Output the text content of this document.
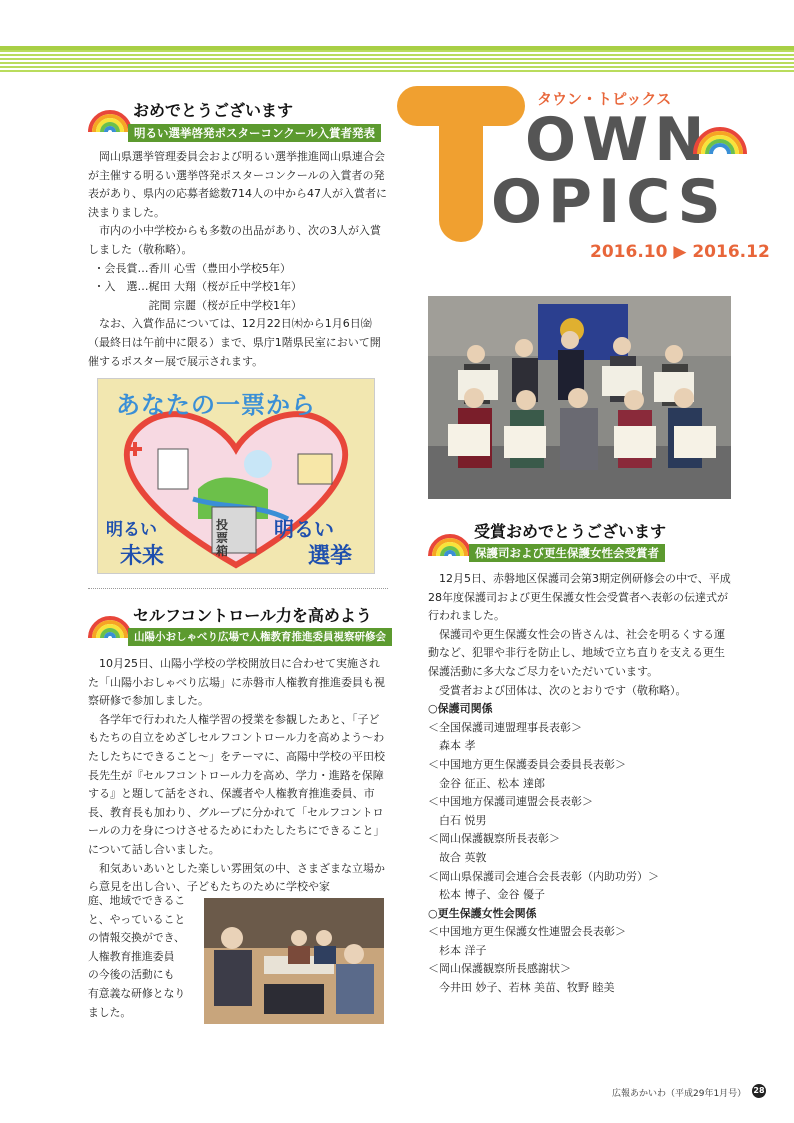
タウン・トピックス
OWN
OPICS
2016.10 ▶ 2016.12
おめでとうございます
明るい選挙啓発ポスターコンクール入賞者発表

岡山県選挙管理委員会および明るい選挙推進岡山県連合会が主催する明るい選挙啓発ポスターコンクールの入賞者の発表があり、県内の応募者総数714人の中から47人が入賞者に決まりました。

市内の小中学校からも多数の出品があり、次の3人が入賞しました（敬称略）。

・会長賞…香川 心雪（豊田小学校5年）

・入　選…梶田 大翔（桜が丘中学校1年）

　　　　　詫間 宗麗（桜が丘中学校1年）

なお、入賞作品については、12月22日㈭から1月6日㈮（最終日は午前中に限る）まで、県庁1階県民室において開催するポスター展で展示されます。

あなたの一票から
明るい
未来
投票箱
明るい
選挙
セルフコントロール力を高めよう
山陽小おしゃべり広場で人権教育推進委員視察研修会

10月25日、山陽小学校の学校開放日に合わせて実施された「山陽小おしゃべり広場」に赤磐市人権教育推進委員も視察研修で参加しました。

各学年で行われた人権学習の授業を参観したあと、「子どもたちの自立をめざしセルフコントロール力を高めよう〜わたしたちにできること〜」をテーマに、高陽中学校の平田校長先生が『セルフコントロール力を高め、学力・進路を保障する』と題して話をされ、保護者や人権教育推進委員、市長、教育長も加わり、グループに分かれて「セルフコントロールの力を身につけさせるためにわたしたちにできること」について話し合いました。

和気あいあいとした楽しい雰囲気の中、さまざまな立場から意見を出し合い、子どもたちのために学校や家

庭、地域でできるこ

と、やっていること

の情報交換ができ、

人権教育推進委員

の今後の活動にも

有意義な研修となり

ました。

受賞おめでとうございます
保護司および更生保護女性会受賞者

12月5日、赤磐地区保護司会第3期定例研修会の中で、平成28年度保護司および更生保護女性会受賞者へ表彰の伝達式が行われました。

保護司や更生保護女性会の皆さんは、社会を明るくする運動など、犯罪や非行を防止し、地域で立ち直りを支える更生保護活動に多大なご尽力をいただいています。

受賞者および団体は、次のとおりです（敬称略）。

○保護司関係

＜全国保護司連盟理事長表彰＞

森本 孝

＜中国地方更生保護委員会委員長表彰＞

金谷 征正、松本 達郎

＜中国地方保護司連盟会長表彰＞

白石 悦男

＜岡山保護観察所長表彰＞

故合 英敦

＜岡山県保護司会連合会長表彰（内助功労）＞

松本 博子、金谷 優子

○更生保護女性会関係

＜中国地方更生保護女性連盟会長表彰＞

杉本 洋子

＜岡山保護観察所長感謝状＞

今井田 妙子、若林 美苗、牧野 睦美

広報あかいわ（平成29年1月号） 28
